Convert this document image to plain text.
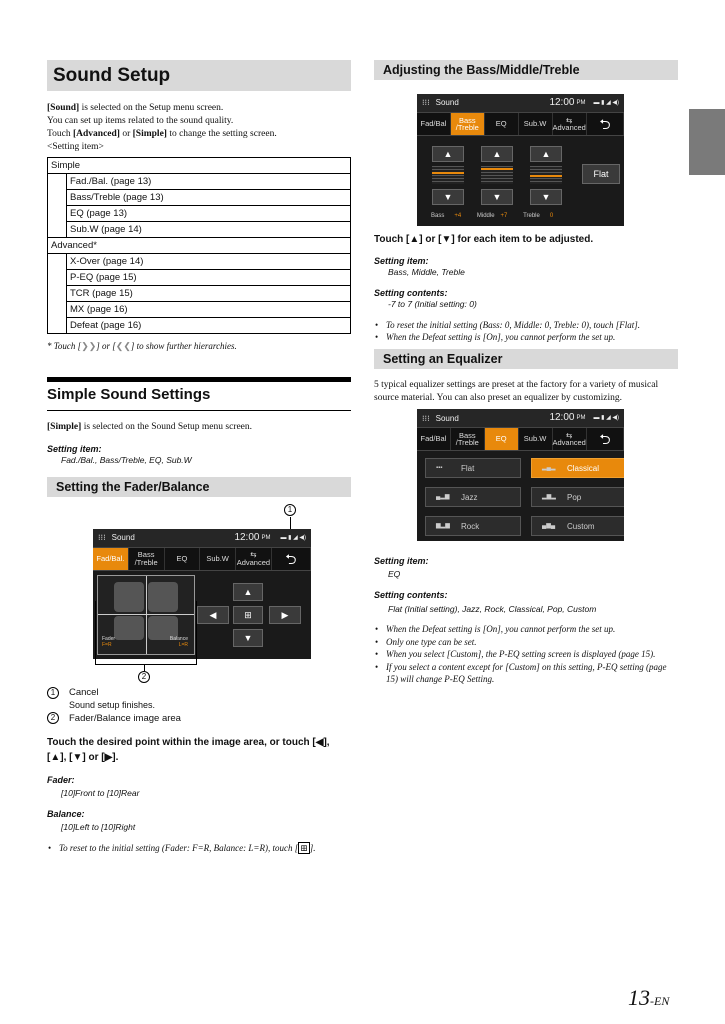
Sound Setup
[Sound] is selected on the Setup menu screen.
You can set up items related to the sound quality.
Touch [Advanced] or [Simple] to change the setting screen.
<Setting item>
Simple	
	Fad./Bal. (page 13)
	Bass/Treble (page 13)
	EQ (page 13)
	Sub.W (page 14)
Advanced*	
	X-Over (page 14)
	P-EQ (page 15)
	TCR (page 15)
	MX (page 16)
	Defeat (page 16)
* Touch [❯❯] or [❮❮] to show further hierarchies.
Simple Sound Settings
[Simple] is selected on the Sound Setup menu screen.
Setting item:
Fad./Bal., Bass/Treble, EQ, Sub.W
Setting the Fader/Balance
1
⁝⁝⁝ Sound	12:00 PM ▬ ▮ ◢ ◀)
Fad/Bal.	Bass /Treble	EQ	Sub.W	⇆
Advanced ⮌
Fader
F=R
Balance
L=R
▲
◀	⊞	▶
▼
2
1 Cancel
Sound setup finishes.
2 Fader/Balance image area
Touch the desired point within the image area, or touch [◀],
[▲], [▼] or [▶].
Fader:
[10]Front to [10]Rear
Balance:
[10]Left to [10]Right
• To reset to the initial setting (Fader: F=R, Balance: L=R), touch [ ⊞ ].
Adjusting the Bass/Middle/Treble
⁝⁝⁝ Sound	12:00 PM ▬ ▮ ◢ ◀)
Fad/Bal	Bass /Treble	EQ	Sub.W	⇆
Advanced ⮌
▲	▲	▲
▼	▼	▼
Flat
Bass +4	Middle +7	Treble 0
Touch [▲] or [▼] for each item to be adjusted.
Setting item:
Bass, Middle, Treble
Setting contents:
-7 to 7 (Initial setting: 0)
• To reset the initial setting (Bass: 0, Middle: 0, Treble: 0), touch [Flat].
• When the Defeat setting is [On], you cannot perform the set up.
Setting an Equalizer
5 typical equalizer settings are preset at the factory for a variety of musical source material. You can also preset an equalizer by customizing.
⁝⁝⁝ Sound	12:00 PM ▬ ▮ ◢ ◀)
Fad/Bal	Bass /Treble	EQ	Sub.W	⇆
Advanced ⮌
▪▪▪	Flat	▂▄▂ Classical
▄▂▆ Jazz	▂▆▂ Pop
▆▂▆ Rock	▄▆▄ Custom
Setting item:
EQ
Setting contents:
Flat (Initial setting), Jazz, Rock, Classical, Pop, Custom
• When the Defeat setting is [On], you cannot perform the set up.
• Only one type can be set.
• When you select [Custom], the P-EQ setting screen is displayed (page 15).
• If you select a content except for [Custom] on this setting, P-EQ setting (page 15) will change P-EQ Setting.
13-EN
